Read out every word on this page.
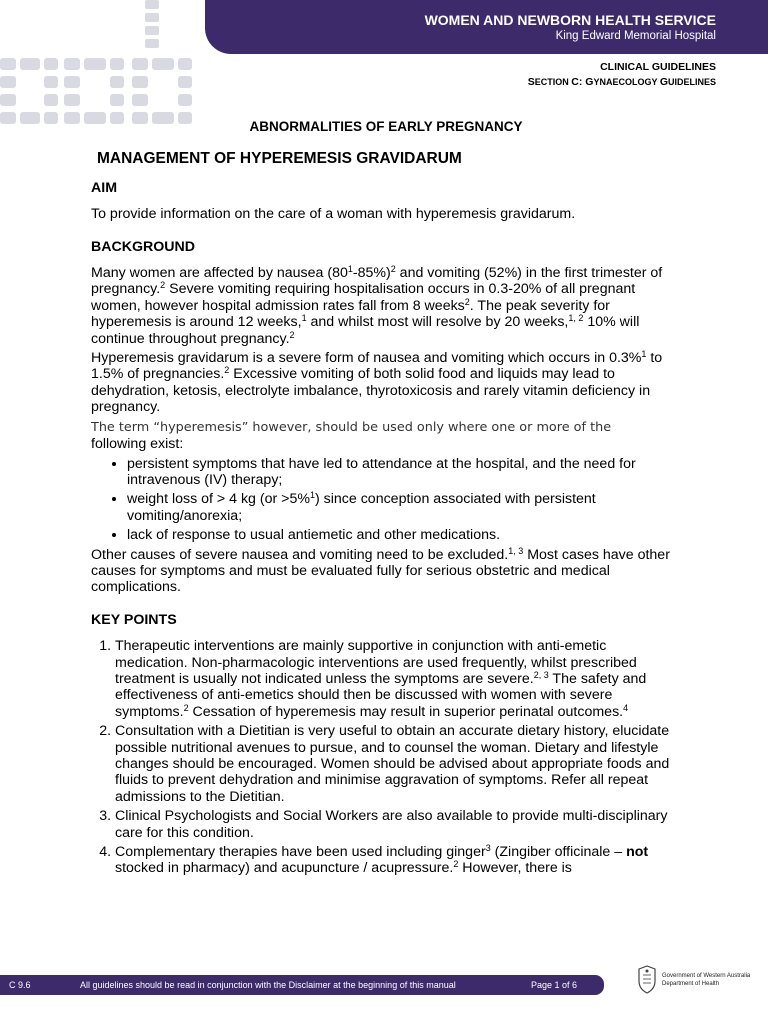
WOMEN AND NEWBORN HEALTH SERVICE
King Edward Memorial Hospital
CLINICAL GUIDELINES
SECTION C: GYNAECOLOGY GUIDELINES
ABNORMALITIES OF EARLY PREGNANCY
MANAGEMENT OF HYPEREMESIS GRAVIDARUM
AIM

To provide information on the care of a woman with hyperemesis gravidarum.

BACKGROUND

Many women are affected by nausea $(80^1-85\%)^2$ and vomiting (52%) in the first trimester of pregnancy.$^2$ Severe vomiting requiring hospitalisation occurs in 0.3-20% of all pregnant women, however hospital admission rates fall from 8 weeks$^2$. The peak severity for hyperemesis is around 12 weeks,$^1$ and whilst most will resolve by 20 weeks,$^{1, 2}$ 10% will continue throughout pregnancy.$^2$

Hyperemesis gravidarum is a severe form of nausea and vomiting which occurs in 0.3%$^1$ to 1.5% of pregnancies.$^2$ Excessive vomiting of both solid food and liquids may lead to dehydration, ketosis, electrolyte imbalance, thyrotoxicosis and rarely vitamin deficiency in pregnancy.

The term “hyperemesis” however, should be used only where one or more of the
following exist:

• persistent symptoms that have led to attendance at the hospital, and the need for intravenous (IV) therapy;
• weight loss of > 4 kg (or >5%$^1$) since conception associated with persistent vomiting/anorexia;
• lack of response to usual antiemetic and other medications.

Other causes of severe nausea and vomiting need to be excluded.$^{1, 3}$ Most cases have other causes for symptoms and must be evaluated fully for serious obstetric and medical complications.

KEY POINTS
1. Therapeutic interventions are mainly supportive in conjunction with anti-emetic medication. Non-pharmacologic interventions are used frequently, whilst prescribed treatment is usually not indicated unless the symptoms are severe.$^{2, 3}$ The safety and effectiveness of anti-emetics should then be discussed with women with severe symptoms.$^2$ Cessation of hyperemesis may result in superior perinatal outcomes.$^4$
2. Consultation with a Dietitian is very useful to obtain an accurate dietary history, elucidate possible nutritional avenues to pursue, and to counsel the woman. Dietary and lifestyle changes should be encouraged. Women should be advised about appropriate foods and fluids to prevent dehydration and minimise aggravation of symptoms. Refer all repeat admissions to the Dietitian.
3. Clinical Psychologists and Social Workers are also available to provide multi-disciplinary care for this condition.
4. Complementary therapies have been used including ginger$^3$ (Zingiber officinale – not stocked in pharmacy) and acupuncture / acupressure.$^2$ However, there is
C 9.6	All guidelines should be read in conjunction with the Disclaimer at the beginning of this manual	Page 1 of 6
Government of Western Australia
Department of Health
